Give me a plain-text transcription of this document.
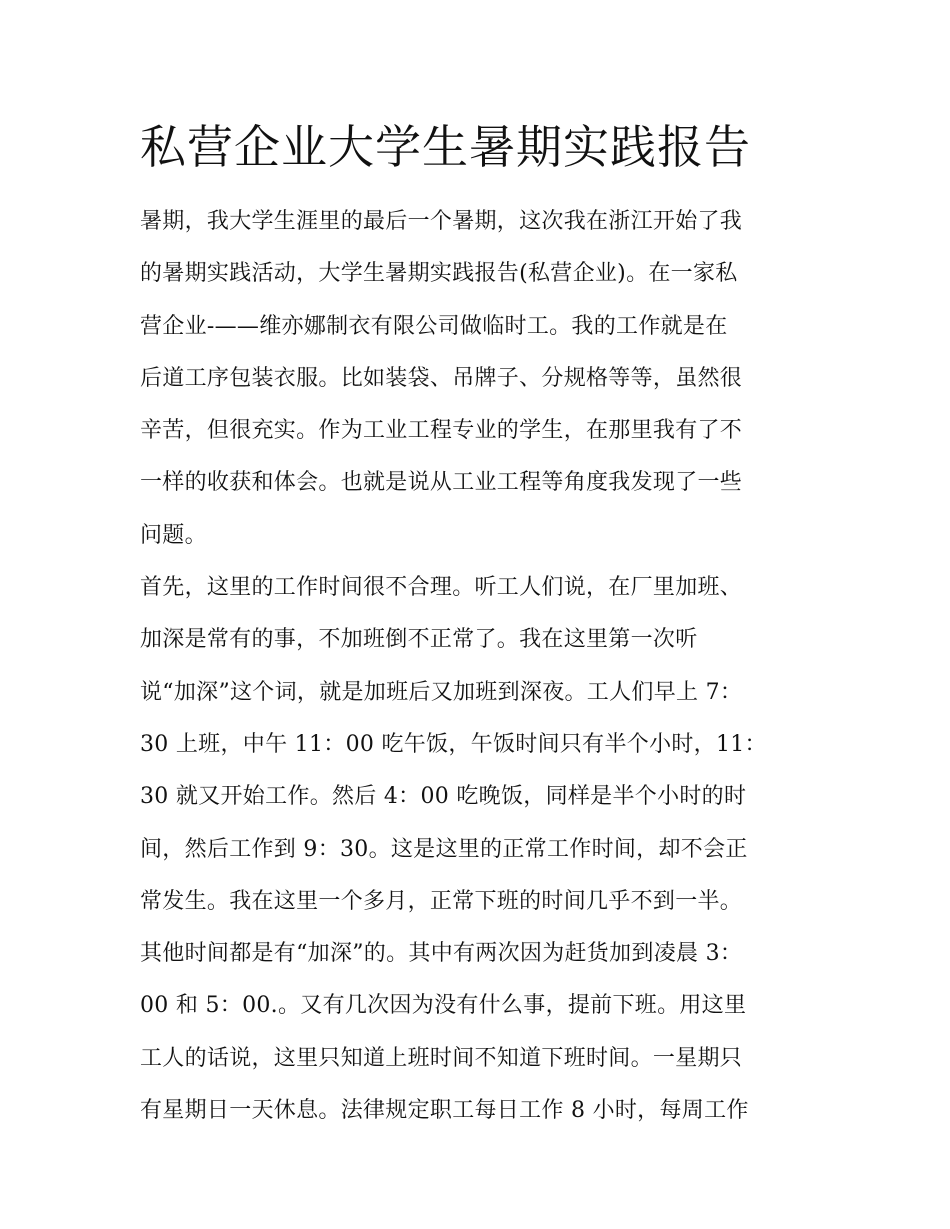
私营企业大学生暑期实践报告
暑期，我大学生涯里的最后一个暑期，这次我在浙江开始了我
的暑期实践活动，大学生暑期实践报告(私营企业)。在一家私
营企业-——维亦娜制衣有限公司做临时工。我的工作就是在
后道工序包装衣服。比如装袋、吊牌子、分规格等等，虽然很
辛苦，但很充实。作为工业工程专业的学生，在那里我有了不
一样的收获和体会。也就是说从工业工程等角度我发现了一些
问题。
首先，这里的工作时间很不合理。听工人们说，在厂里加班、
加深是常有的事，不加班倒不正常了。我在这里第一次听
说“加深”这个词，就是加班后又加班到深夜。工人们早上 7：
30 上班，中午 11：00 吃午饭，午饭时间只有半个小时，11：
30 就又开始工作。然后 4：00 吃晚饭，同样是半个小时的时
间，然后工作到 9：30。这是这里的正常工作时间，却不会正
常发生。我在这里一个多月，正常下班的时间几乎不到一半。
其他时间都是有“加深”的。其中有两次因为赶货加到凌晨 3：
00 和 5：00.。又有几次因为没有什么事，提前下班。用这里
工人的话说，这里只知道上班时间不知道下班时间。一星期只
有星期日一天休息。法律规定职工每日工作 8 小时，每周工作
